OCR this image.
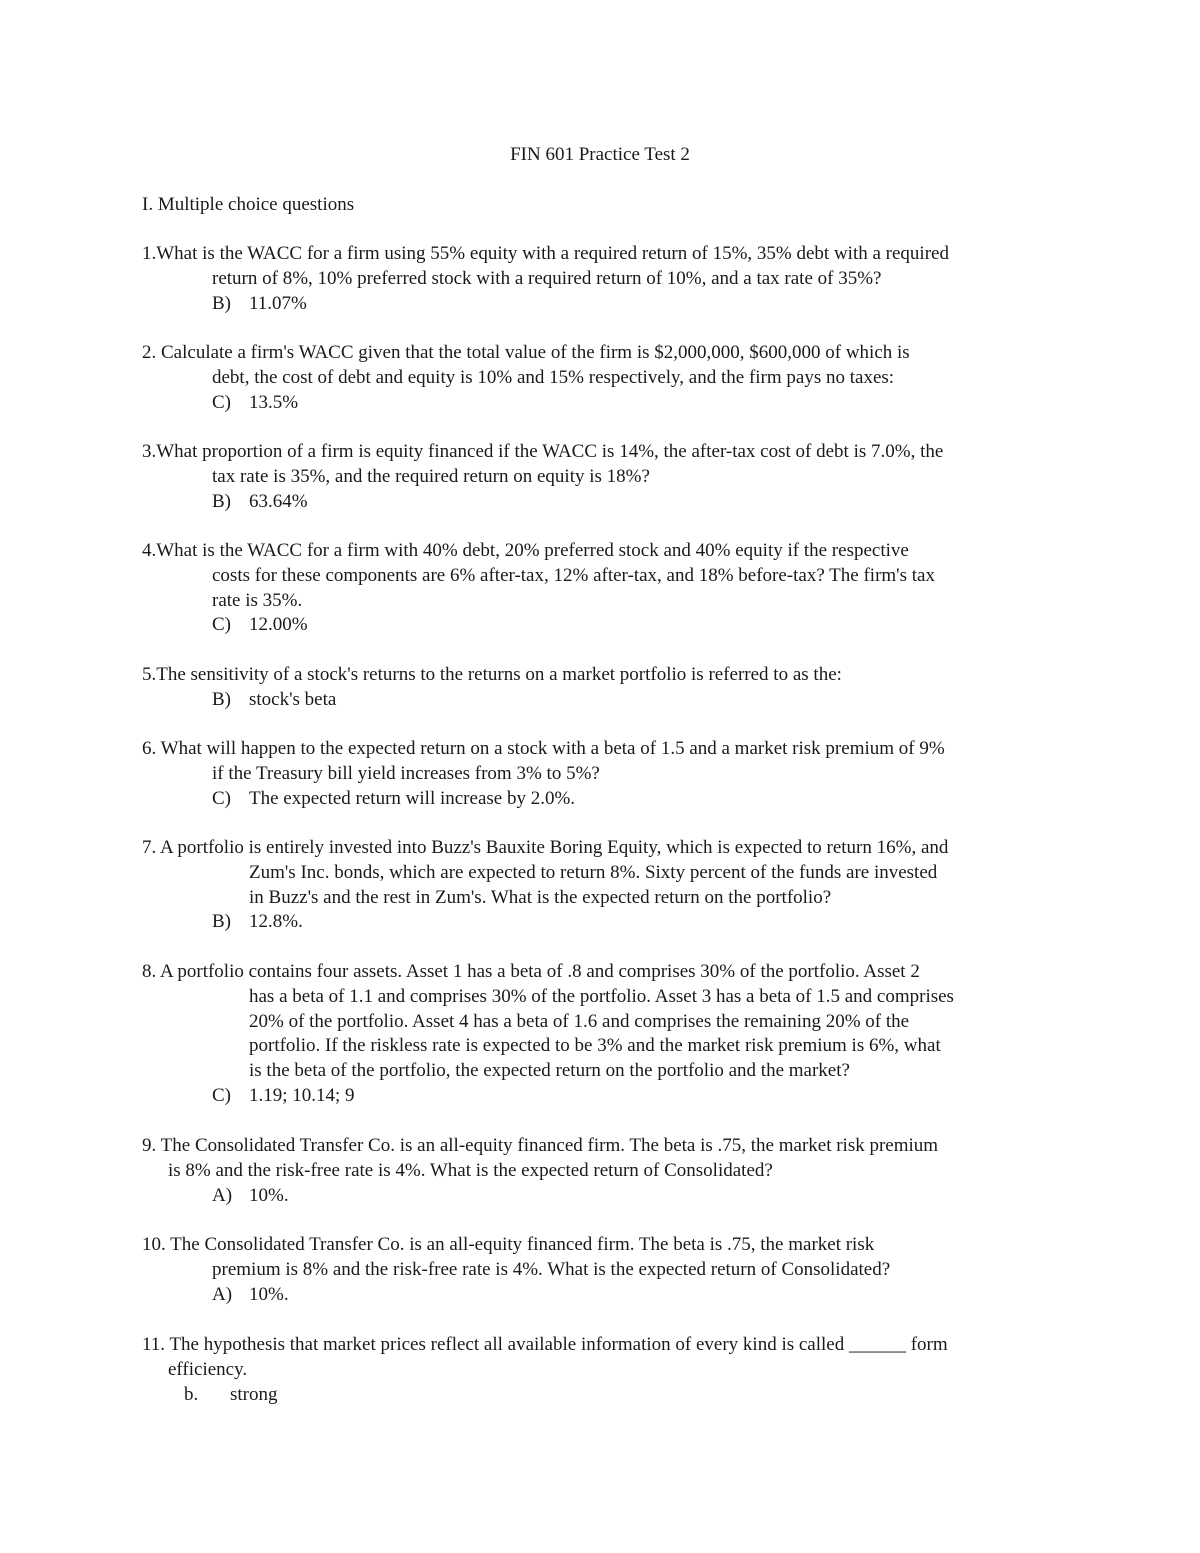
FIN 601 Practice Test 2
I. Multiple choice questions
1.What is the WACC for a firm using 55% equity with a required return of 15%, 35% debt with a required
return of 8%, 10% preferred stock with a required return of 10%, and a tax rate of 35%?
B) 11.07%
2. Calculate a firm's WACC given that the total value of the firm is $2,000,000, $600,000 of which is
debt, the cost of debt and equity is 10% and 15% respectively, and the firm pays no taxes:
C) 13.5%
3.What proportion of a firm is equity financed if the WACC is 14%, the after-tax cost of debt is 7.0%, the
tax rate is 35%, and the required return on equity is 18%?
B) 63.64%
4.What is the WACC for a firm with 40% debt, 20% preferred stock and 40% equity if the respective
costs for these components are 6% after-tax, 12% after-tax, and 18% before-tax? The firm's tax
rate is 35%.
C) 12.00%
5.The sensitivity of a stock's returns to the returns on a market portfolio is referred to as the:
B) stock's beta
6. What will happen to the expected return on a stock with a beta of 1.5 and a market risk premium of 9%
if the Treasury bill yield increases from 3% to 5%?
C) The expected return will increase by 2.0%.
7. A portfolio is entirely invested into Buzz's Bauxite Boring Equity, which is expected to return 16%, and
Zum's Inc. bonds, which are expected to return 8%. Sixty percent of the funds are invested
in Buzz's and the rest in Zum's. What is the expected return on the portfolio?
B) 12.8%.
8. A portfolio contains four assets. Asset 1 has a beta of .8 and comprises 30% of the portfolio. Asset 2
has a beta of 1.1 and comprises 30% of the portfolio. Asset 3 has a beta of 1.5 and comprises
20% of the portfolio. Asset 4 has a beta of 1.6 and comprises the remaining 20% of the
portfolio. If the riskless rate is expected to be 3% and the market risk premium is 6%, what
is the beta of the portfolio, the expected return on the portfolio and the market?
C) 1.19; 10.14; 9
9. The Consolidated Transfer Co. is an all-equity financed firm. The beta is .75, the market risk premium
is 8% and the risk-free rate is 4%. What is the expected return of Consolidated?
A) 10%.
10. The Consolidated Transfer Co. is an all-equity financed firm. The beta is .75, the market risk
premium is 8% and the risk-free rate is 4%. What is the expected return of Consolidated?
A) 10%.
11. The hypothesis that market prices reflect all available information of every kind is called ______ form
efficiency.
b.	strong
